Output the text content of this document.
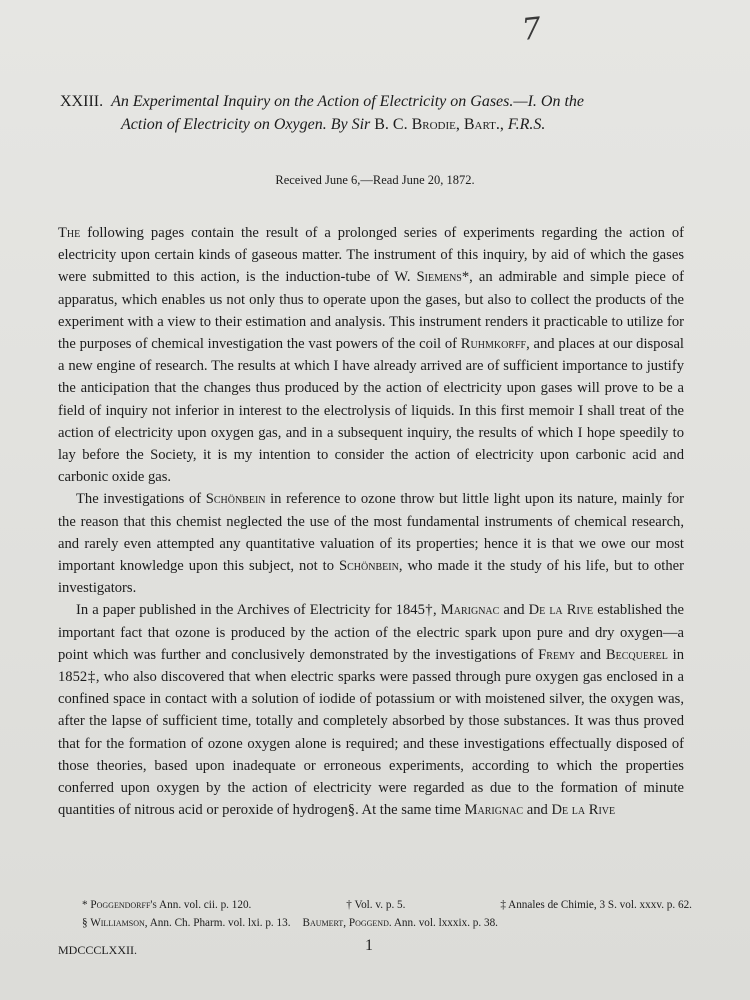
7
XXIII. An Experimental Inquiry on the Action of Electricity on Gases.—I. On the
Action of Electricity on Oxygen. By Sir B. C. Brodie, Bart., F.R.S.
Received June 6,—Read June 20, 1872.

The following pages contain the result of a prolonged series of experiments regarding the action of electricity upon certain kinds of gaseous matter. The instrument of this inquiry, by aid of which the gases were submitted to this action, is the induction-tube of W. Siemens*, an admirable and simple piece of apparatus, which enables us not only thus to operate upon the gases, but also to collect the products of the experiment with a view to their estimation and analysis. This instrument renders it practicable to utilize for the purposes of chemical investigation the vast powers of the coil of Ruhmkorff, and places at our disposal a new engine of research. The results at which I have already arrived are of sufficient importance to justify the anticipation that the changes thus produced by the action of electricity upon gases will prove to be a field of inquiry not inferior in interest to the electrolysis of liquids. In this first memoir I shall treat of the action of electricity upon oxygen gas, and in a subsequent inquiry, the results of which I hope speedily to lay before the Society, it is my intention to consider the action of electricity upon carbonic acid and carbonic oxide gas.

The investigations of Schönbein in reference to ozone throw but little light upon its nature, mainly for the reason that this chemist neglected the use of the most fundamental instruments of chemical research, and rarely even attempted any quantitative valuation of its properties; hence it is that we owe our most important knowledge upon this subject, not to Schönbein, who made it the study of his life, but to other investigators.

In a paper published in the Archives of Electricity for 1845†, Marignac and De la Rive established the important fact that ozone is produced by the action of the electric spark upon pure and dry oxygen—a point which was further and conclusively demonstrated by the investigations of Fremy and Becquerel in 1852‡, who also discovered that when electric sparks were passed through pure oxygen gas enclosed in a confined space in contact with a solution of iodide of potassium or with moistened silver, the oxygen was, after the lapse of sufficient time, totally and completely absorbed by those substances. It was thus proved that for the formation of ozone oxygen alone is required; and these investigations effectually disposed of those theories, based upon inadequate or erroneous experiments, according to which the properties conferred upon oxygen by the action of electricity were regarded as due to the formation of minute quantities of nitrous acid or peroxide of hydrogen§. At the same time Marignac and De la Rive

* Poggendorff's Ann. vol. cii. p. 120.	† Vol. v. p. 5.	‡ Annales de Chimie, 3 S. vol. xxxv. p. 62.
§ Williamson, Ann. Ch. Pharm. vol. lxi. p. 13. Baumert, Poggend. Ann. vol. lxxxix. p. 38.
MDCCCLXXII.	1
